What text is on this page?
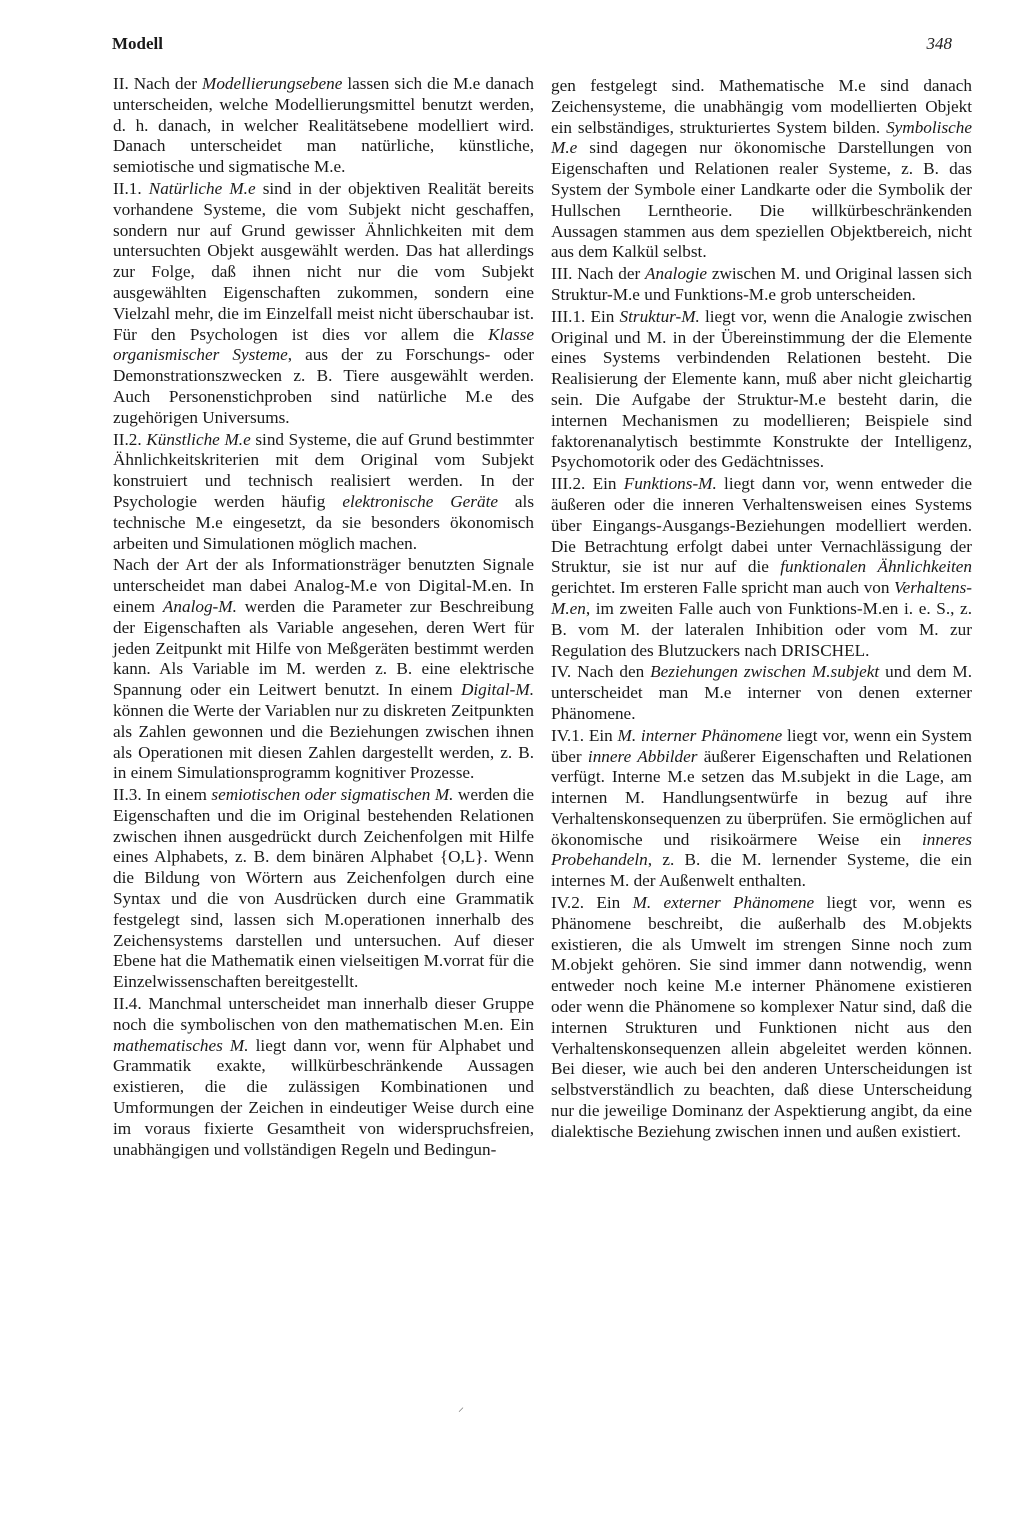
Modell	348

II. Nach der Modellierungsebene lassen sich die M.e danach unterscheiden, welche Modellierungsmittel benutzt werden, d. h. danach, in welcher Realitätsebene modelliert wird. Danach unterscheidet man natürliche, künstliche, semiotische und sigmatische M.e.

II.1. Natürliche M.e sind in der objektiven Realität bereits vorhandene Systeme, die vom Subjekt nicht geschaffen, sondern nur auf Grund gewisser Ähnlichkeiten mit dem untersuchten Objekt ausgewählt werden. Das hat allerdings zur Folge, daß ihnen nicht nur die vom Subjekt ausgewählten Eigenschaften zukommen, sondern eine Vielzahl mehr, die im Einzelfall meist nicht überschaubar ist. Für den Psychologen ist dies vor allem die Klasse organismischer Systeme, aus der zu Forschungs- oder Demonstrationszwecken z. B. Tiere ausgewählt werden. Auch Personenstichproben sind natürliche M.e des zugehörigen Universums.

II.2. Künstliche M.e sind Systeme, die auf Grund bestimmter Ähnlichkeitskriterien mit dem Original vom Subjekt konstruiert und technisch realisiert werden. In der Psychologie werden häufig elektronische Geräte als technische M.e eingesetzt, da sie besonders ökonomisch arbeiten und Simulationen möglich machen.

Nach der Art der als Informationsträger benutzten Signale unterscheidet man dabei Analog-M.e von Digital-M.en. In einem Analog-M. werden die Parameter zur Beschreibung der Eigenschaften als Variable angesehen, deren Wert für jeden Zeitpunkt mit Hilfe von Meßgeräten bestimmt werden kann. Als Variable im M. werden z. B. eine elektrische Spannung oder ein Leitwert benutzt. In einem Digital-M. können die Werte der Variablen nur zu diskreten Zeitpunkten als Zahlen gewonnen und die Beziehungen zwischen ihnen als Operationen mit diesen Zahlen dargestellt werden, z. B. in einem Simulationsprogramm kognitiver Prozesse.

II.3. In einem semiotischen oder sigmatischen M. werden die Eigenschaften und die im Original bestehenden Relationen zwischen ihnen ausgedrückt durch Zeichenfolgen mit Hilfe eines Alphabets, z. B. dem binären Alphabet {O,L}. Wenn die Bildung von Wörtern aus Zeichenfolgen durch eine Syntax und die von Ausdrücken durch eine Grammatik festgelegt sind, lassen sich M.operationen innerhalb des Zeichensystems darstellen und untersuchen. Auf dieser Ebene hat die Mathematik einen vielseitigen M.vorrat für die Einzelwissenschaften bereitgestellt.

II.4. Manchmal unterscheidet man innerhalb dieser Gruppe noch die symbolischen von den mathematischen M.en. Ein mathematisches M. liegt dann vor, wenn für Alphabet und Grammatik exakte, willkürbeschränkende Aussagen existieren, die die zulässigen Kombinationen und Umformungen der Zeichen in eindeutiger Weise durch eine im voraus fixierte Gesamtheit von widerspruchsfreien, unabhängigen und vollständigen Regeln und Bedingun-

gen festgelegt sind. Mathematische M.e sind danach Zeichensysteme, die unabhängig vom modellierten Objekt ein selbständiges, strukturiertes System bilden. Symbolische M.e sind dagegen nur ökonomische Darstellungen von Eigenschaften und Relationen realer Systeme, z. B. das System der Symbole einer Landkarte oder die Symbolik der Hullschen Lerntheorie. Die willkürbeschränkenden Aussagen stammen aus dem speziellen Objektbereich, nicht aus dem Kalkül selbst.

III. Nach der Analogie zwischen M. und Original lassen sich Struktur-M.e und Funktions-M.e grob unterscheiden.

III.1. Ein Struktur-M. liegt vor, wenn die Analogie zwischen Original und M. in der Übereinstimmung der die Elemente eines Systems verbindenden Relationen besteht. Die Realisierung der Elemente kann, muß aber nicht gleichartig sein. Die Aufgabe der Struktur-M.e besteht darin, die internen Mechanismen zu modellieren; Beispiele sind faktorenanalytisch bestimmte Konstrukte der Intelligenz, Psychomotorik oder des Gedächtnisses.

III.2. Ein Funktions-M. liegt dann vor, wenn entweder die äußeren oder die inneren Verhaltensweisen eines Systems über Eingangs-Ausgangs-Beziehungen modelliert werden. Die Betrachtung erfolgt dabei unter Vernachlässigung der Struktur, sie ist nur auf die funktionalen Ähnlichkeiten gerichtet. Im ersteren Falle spricht man auch von Verhaltens-M.en, im zweiten Falle auch von Funktions-M.en i. e. S., z. B. vom M. der lateralen Inhibition oder vom M. zur Regulation des Blutzuckers nach DRISCHEL.

IV. Nach den Beziehungen zwischen M.subjekt und dem M. unterscheidet man M.e interner von denen externer Phänomene.

IV.1. Ein M. interner Phänomene liegt vor, wenn ein System über innere Abbilder äußerer Eigenschaften und Relationen verfügt. Interne M.e setzen das M.subjekt in die Lage, am internen M. Handlungsentwürfe in bezug auf ihre Verhaltenskonsequenzen zu überprüfen. Sie ermöglichen auf ökonomische und risikoärmere Weise ein inneres Probehandeln, z. B. die M. lernender Systeme, die ein internes M. der Außenwelt enthalten.

IV.2. Ein M. externer Phänomene liegt vor, wenn es Phänomene beschreibt, die außerhalb des M.objekts existieren, die als Umwelt im strengen Sinne noch zum M.objekt gehören. Sie sind immer dann notwendig, wenn entweder noch keine M.e interner Phänomene existieren oder wenn die Phänomene so komplexer Natur sind, daß die internen Strukturen und Funktionen nicht aus den Verhaltenskonsequenzen allein abgeleitet werden können. Bei dieser, wie auch bei den anderen Unterscheidungen ist selbstverständlich zu beachten, daß diese Unterscheidung nur die jeweilige Dominanz der Aspektierung angibt, da eine dialektische Beziehung zwischen innen und außen existiert.

⸍
